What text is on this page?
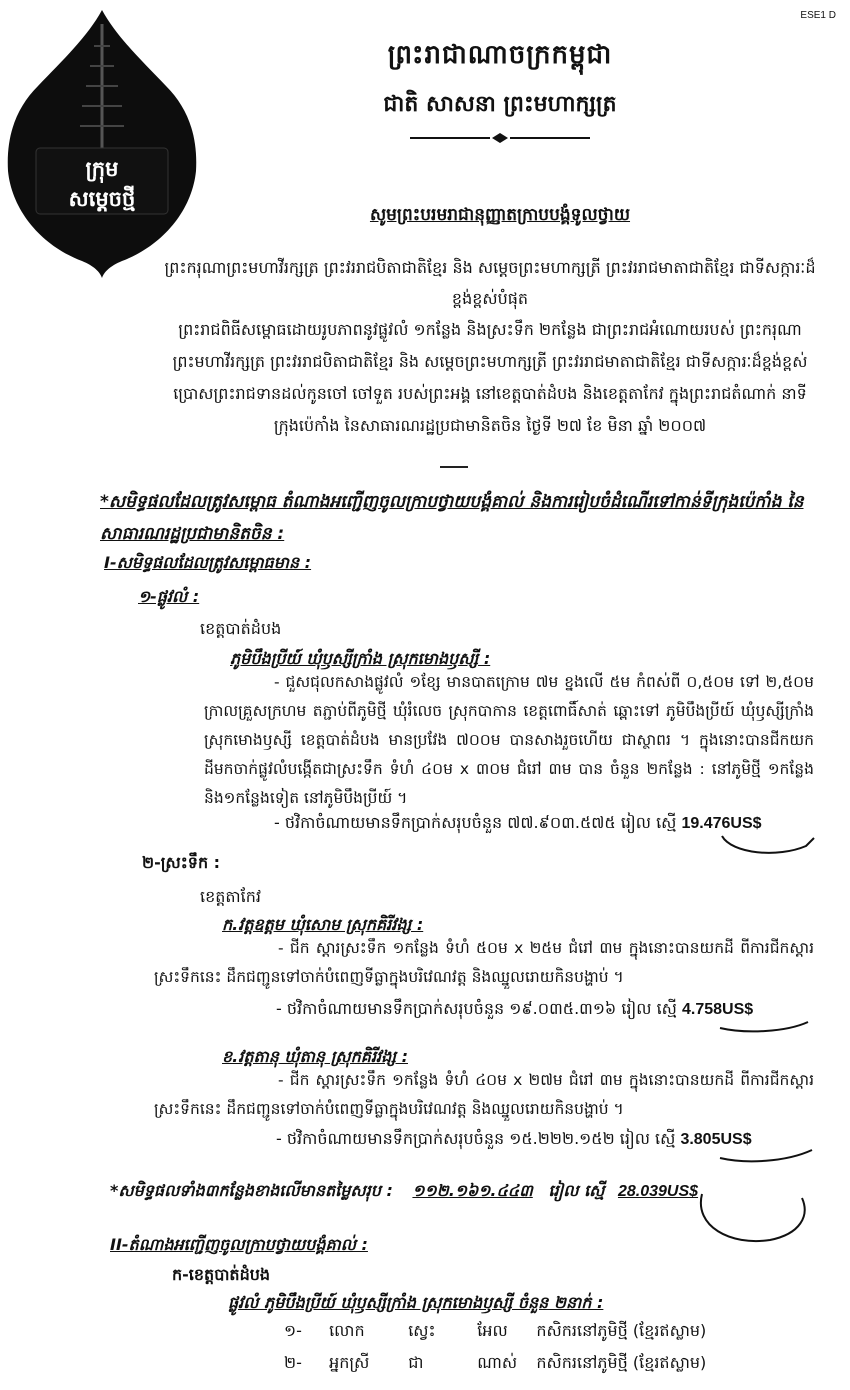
ESE1 D
ក្រុម
សម្តេចថ្មី
ព្រះរាជាណាចក្រកម្ពុជា
ជាតិ សាសនា ព្រះមហាក្សត្រ
សូមព្រះបរមរាជានុញ្ញាតក្រាបបង្គំទូលថ្វាយ
ព្រះករុណាព្រះមហាវីរក្សត្រ ព្រះវររាជបិតាជាតិខ្មែរ និង សម្តេចព្រះមហាក្សត្រី ព្រះវររាជមាតាជាតិខ្មែរ ជាទីសក្ការៈដ៏ខ្ពង់ខ្ពស់បំផុត
ព្រះរាជពិធីសម្ពោធដោយរូបភាពនូវផ្លូវលំ ១កន្លែង និងស្រះទឹក ២កន្លែង ជាព្រះរាជអំណោយរបស់ ព្រះករុណាព្រះមហាវីរក្សត្រ ព្រះវររាជបិតាជាតិខ្មែរ និង សម្តេចព្រះមហាក្សត្រី ព្រះវររាជមាតាជាតិខ្មែរ ជាទីសក្ការៈដ៏ខ្ពង់ខ្ពស់ ប្រោសព្រះរាជទានដល់កូនចៅ ចៅទួត របស់ព្រះអង្គ នៅខេត្តបាត់ដំបង និងខេត្តតាកែវ ក្នុងព្រះរាជតំណាក់ នាទីក្រុងប៉េកាំង នៃសាធារណរដ្ឋប្រជាមានិតចិន ថ្ងៃទី ២៧ ខែ មិនា ឆ្នាំ ២០០៧
*សមិទ្ធផលដែលត្រូវសម្ពោធ តំណាងអញ្ជើញចូលក្រាបថ្វាយបង្គំគាល់ និងការរៀបចំដំណើរទៅកាន់ទីក្រុងប៉េកាំង នៃសាធារណរដ្ឋប្រជាមានិតចិន :
I-សមិទ្ធផលដែលត្រូវសម្ពោធមាន :
១-ផ្លូវលំ :
ខេត្តបាត់ដំបង
ភូមិបឹងប្រីយ៍ ឃុំឫស្សីក្រាំង ស្រុកមោងឫស្សី :
- ជួសជុលកសាងផ្លូវលំ ១ខ្សែ មានបាតក្រោម ៧ម ខ្នងលើ ៥ម កំពស់ពី ០,៥០ម ទៅ ២,៥០ម ក្រាលគ្រួសក្រហម តភ្ជាប់ពីភូមិថ្មី ឃុំរំលេច ស្រុកបាកាន ខេត្តពោធិ៍សាត់ ឆ្ពោះទៅ ភូមិបឹងប្រីយ៍ ឃុំឫស្សីក្រាំង ស្រុកមោងឫស្សី ខេត្តបាត់ដំបង មានប្រវែង ៧០០ម បានសាងរួចហើយ ជាស្ថាពរ ។ ក្នុងនោះបានជីកយកដីមកចាក់ផ្លូវលំបង្កើតជាស្រះទឹក ទំហំ ៤០ម x ៣០ម ជំរៅ ៣ម បាន ចំនួន ២កន្លែង : នៅភូមិថ្មី ១កន្លែង និង១កន្លែងទៀត នៅភូមិបឹងប្រីយ៍ ។
- ថវិកាចំណាយមានទឹកប្រាក់សរុបចំនួន ៧៧.៩០៣.៥៧៥ រៀល ស្មើ 19.476US$
២-ស្រះទឹក :
ខេត្តតាកែវ
ក.វត្តឧត្តម ឃុំសោម ស្រុកគិរីវង្ស :
- ជីក ស្តារស្រះទឹក ១កន្លែង ទំហំ ៥០ម x ២៥ម ជំរៅ ៣ម ក្នុងនោះបានយកដី ពីការជីកស្តារស្រះទឹកនេះ ដឹកជញ្ជូនទៅចាក់បំពេញទីធ្លាក្នុងបរិវេណវត្ត និងឈ្នួលរោយកិនបង្ហាប់ ។
- ថវិកាចំណាយមានទឹកប្រាក់សរុបចំនួន ១៩.០៣៥.៣១៦ រៀល ស្មើ 4.758US$
ខ.វត្តតានុ ឃុំតានុ ស្រុកគិរីវង្ស :
- ជីក ស្តារស្រះទឹក ១កន្លែង ទំហំ ៤០ម x ២៧ម ជំរៅ ៣ម ក្នុងនោះបានយកដី ពីការជីកស្តារស្រះទឹកនេះ ដឹកជញ្ជូនទៅចាក់បំពេញទីធ្លាក្នុងបរិវេណវត្ត និងឈ្នួលរោយកិនបង្ហាប់ ។
- ថវិកាចំណាយមានទឹកប្រាក់សរុបចំនួន ១៥.២២២.១៥២ រៀល ស្មើ 3.805US$
*សមិទ្ធផលទាំង៣កន្លែងខាងលើមានតម្លៃសរុប : ១១២.១៦១.៤៤៣ រៀល ស្មើ 28.039US$
II-តំណាងអញ្ជើញចូលក្រាបថ្វាយបង្គំគាល់ :
ក-ខេត្តបាត់ដំបង
ផ្លូវលំ ភូមិបឹងប្រីយ៍ ឃុំឫស្សីក្រាំង ស្រុកមោងឫស្សី ចំនួន ២នាក់ :
១- លោក	ស្វេះ	អែល កសិករនៅភូមិថ្មី (ខ្មែរឥស្លាម)
២- អ្នកស្រី ជា	ណាស់ កសិករនៅភូមិថ្មី (ខ្មែរឥស្លាម)
